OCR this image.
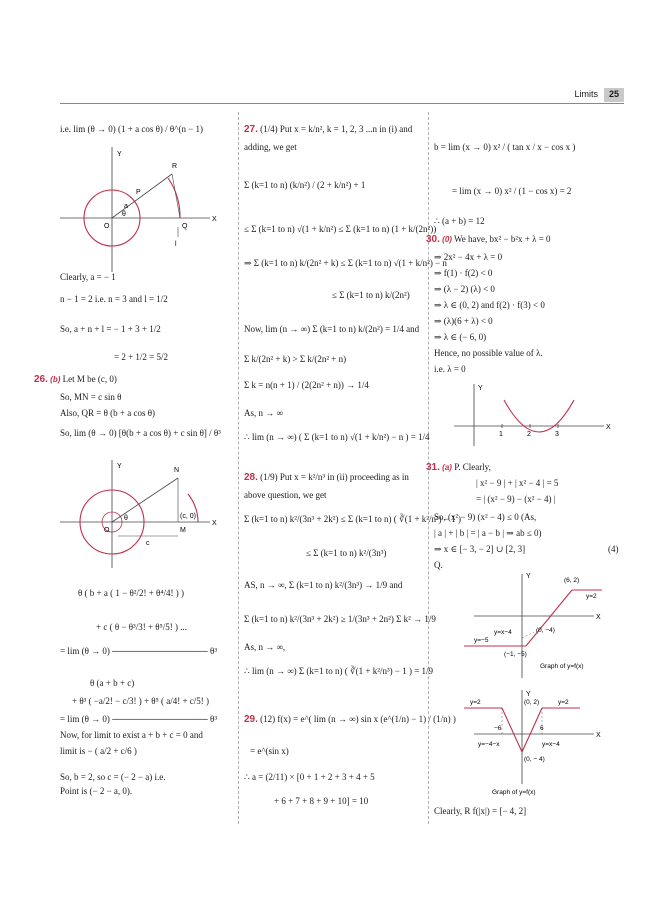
Limits	25
i.e. lim (θ → 0) (1 + a cos θ) / θ^(n − 1)
Y
X
O	Q
P
R
a
θ
l
Clearly, a = − 1
n − 1 = 2 i.e. n = 3 and l = 1/2
So, a + n + l = − 1 + 3 + 1/2
= 2 + 1/2 = 5/2
26. (b) Let M be (c, 0)
So, MN = c sin θ
Also, QR = θ (b + a cos θ)
So, lim (θ → 0) [θ(b + a cos θ) + c sin θ] / θ³
Y
X
N
O	M
(c, 0)
c
θ
θ ( b + a ( 1 − θ²/2! + θ⁴/4! ) )
+ c ( θ − θ³/3! + θ⁵/5! ) ...
= lim (θ → 0) ─────────────── θ³
θ (a + b + c)
+ θ³ ( −a/2! − c/3! ) + θ⁵ ( a/4! + c/5! )
= lim (θ → 0) ─────────────── θ³
Now, for limit to exist a + b + c = 0 and
limit is − ( a/2 + c/6 )
So, b = 2, so c = (− 2 − a) i.e.
Point is (− 2 − a, 0).
27. (1/4) Put x = k/n², k = 1, 2, 3 ...n in (i) and
adding, we get
Σ (k=1 to n) (k/n²) / (2 + k/n²) + 1
≤ Σ (k=1 to n) √(1 + k/n²) ≤ Σ (k=1 to n) (1 + k/(2n²))
⇒ Σ (k=1 to n) k/(2n² + k) ≤ Σ (k=1 to n) √(1 + k/n²) − n
≤ Σ (k=1 to n) k/(2n²)
Now, lim (n → ∞) Σ (k=1 to n) k/(2n²) = 1/4 and
Σ k/(2n² + k) > Σ k/(2n² + n)
Σ k = n(n + 1) / (2(2n² + n)) → 1/4
As, n → ∞
∴ lim (n → ∞) ( Σ (k=1 to n) √(1 + k/n²) − n ) = 1/4
28. (1/9) Put x = k²/n³ in (ii) proceeding as in
above question, we get
Σ (k=1 to n) k²/(3n³ + 2k²) ≤ Σ (k=1 to n) ( ∛(1 + k²/n³) − 1 )
≤ Σ (k=1 to n) k²/(3n³)
AS, n → ∞, Σ (k=1 to n) k²/(3n³) → 1/9 and
Σ (k=1 to n) k²/(3n³ + 2k²) ≥ 1/(3n³ + 2n²) Σ k² → 1/9
As, n → ∞,
∴ lim (n → ∞) Σ (k=1 to n) ( ∛(1 + k²/n³) − 1 ) = 1/9
29. (12) f(x) = e^( lim (n → ∞) sin x (e^(1/n) − 1) / (1/n) )
= e^(sin x)
∴ a = (2/11) × [0 + 1 + 2 + 3 + 4 + 5
+ 6 + 7 + 8 + 9 + 10] = 10
b = lim (x → 0) x² / ( tan x / x − cos x )
= lim (x → 0) x² / (1 − cos x) = 2
∴ (a + b) = 12
30. (0) We have, bx² − b²x + λ = 0
⇒ 2x² − 4x + λ = 0
⇒ f(1) · f(2) < 0
⇒ (λ − 2) (λ) < 0
⇒ λ ∈ (0, 2) and f(2) · f(3) < 0
⇒ (λ)(6 + λ) < 0
⇒ λ ∈ (− 6, 0)
Hence, no possible value of λ.
i.e. λ = 0
Y
X
1	2	3
31. (a) P. Clearly,
| x² − 9 | + | x² − 4 | = 5
= | (x² − 9) − (x² − 4) |
So, (x² − 9) (x² − 4) ≤ 0 (As,
| a | + | b | = | a − b | ⇒ ab ≤ 0)
⇒ x ∈ [− 3, − 2] ∪ [2, 3]	(4)
Q.
Y
X
(6, 2)
(0, −4)
(−1, −5)
y=2
y=x−4
y=−5
Graph of y=f(x)
Y
X
y=2	y=2
(0, 2)
−6	6
y=−4−x	y=x−4
(0, − 4)
Graph of y=f(x)
Clearly, R f(|x|) = [− 4, 2]
